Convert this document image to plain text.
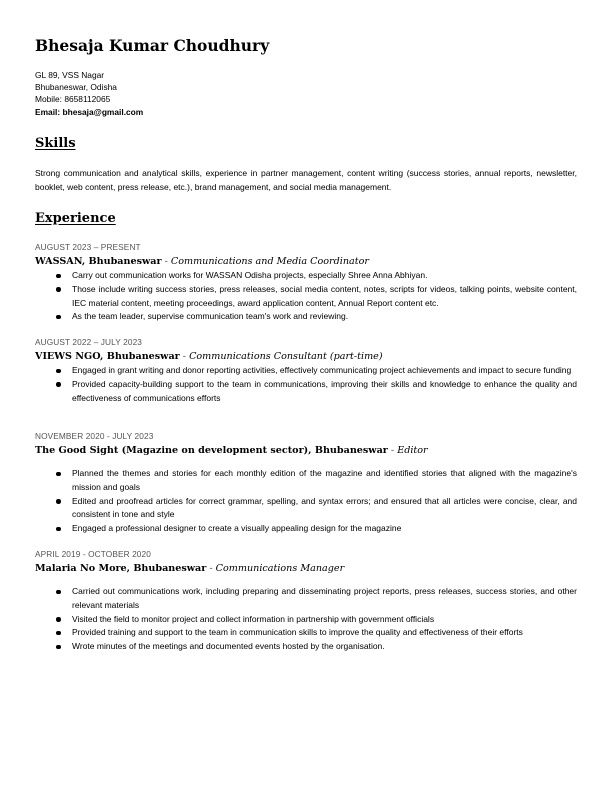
Bhesaja Kumar Choudhury
GL 89, VSS Nagar
Bhubaneswar, Odisha
Mobile: 8658112065
Email: bhesaja@gmail.com
Skills
Strong communication and analytical skills, experience in partner management, content writing (success stories, annual reports, newsletter, booklet, web content, press release, etc.), brand management, and social media management.
Experience
AUGUST 2023 – PRESENT
WASSAN, Bhubaneswar - Communications and Media Coordinator
Carry out communication works for WASSAN Odisha projects, especially Shree Anna Abhiyan.
Those include writing success stories, press releases, social media content, notes, scripts for videos, talking points, website content, IEC material content, meeting proceedings, award application content, Annual Report content etc.
As the team leader, supervise communication team's work and reviewing.
AUGUST 2022 – JULY 2023
VIEWS NGO, Bhubaneswar - Communications Consultant (part-time)
Engaged in grant writing and donor reporting activities, effectively communicating project achievements and impact to secure funding
Provided capacity-building support to the team in communications, improving their skills and knowledge to enhance the quality and effectiveness of communications efforts
NOVEMBER 2020 - JULY 2023
The Good Sight (Magazine on development sector), Bhubaneswar - Editor
Planned the themes and stories for each monthly edition of the magazine and identified stories that aligned with the magazine's mission and goals
Edited and proofread articles for correct grammar, spelling, and syntax errors; and ensured that all articles were concise, clear, and consistent in tone and style
Engaged a professional designer to create a visually appealing design for the magazine
APRIL 2019 - OCTOBER 2020
Malaria No More, Bhubaneswar - Communications Manager
Carried out communications work, including preparing and disseminating project reports, press releases, success stories, and other relevant materials
Visited the field to monitor project and collect information in partnership with government officials
Provided training and support to the team in communication skills to improve the quality and effectiveness of their efforts
Wrote minutes of the meetings and documented events hosted by the organisation.
